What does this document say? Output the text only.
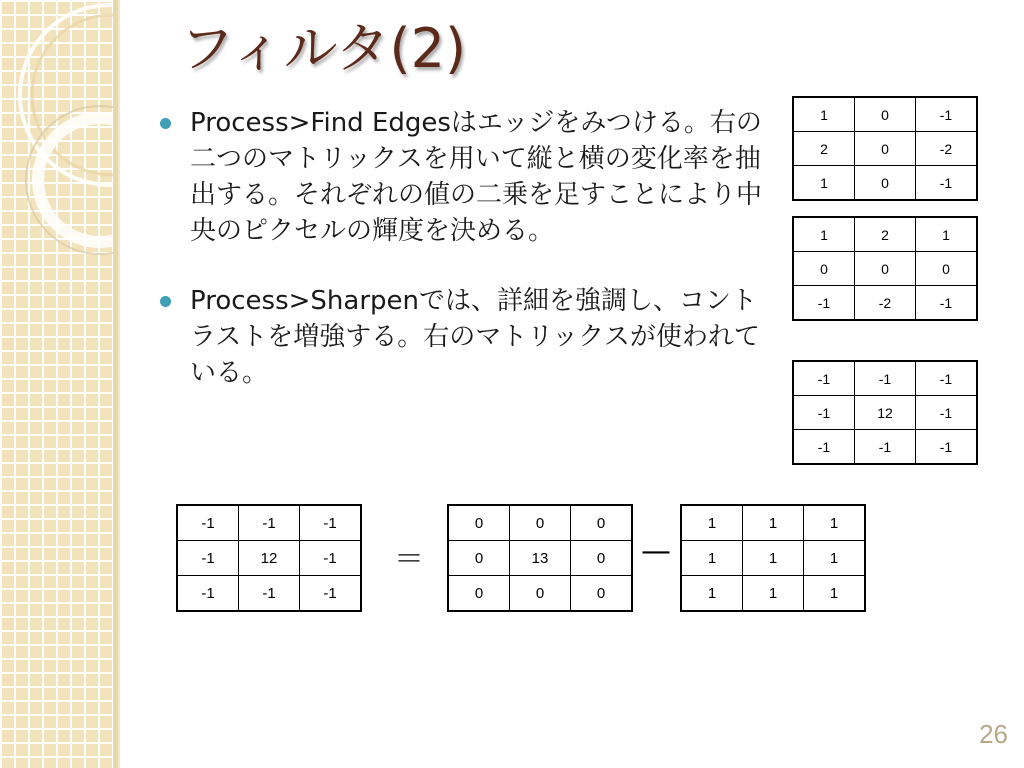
フィルタ(2)
Process>Find Edgesはエッジをみつける。右の二つのマトリックスを用いて縦と横の変化率を抽出する。それぞれの値の二乗を足すことにより中央のピクセルの輝度を決める。
Process>Sharpenでは、詳細を強調し、コントラストを増強する。右のマトリックスが使われている。
1	0	-1
2	0	-2
1	0	-1
1	2	1
0	0	0
-1	-2	-1
-1	-1	-1
-1	12	-1
-1	-1	-1
-1	-1	-1
-1	12	-1
-1	-1	-1
＝
0	0	0
0	13	0
0	0	0
—
1	1	1
1	1	1
1	1	1
26
